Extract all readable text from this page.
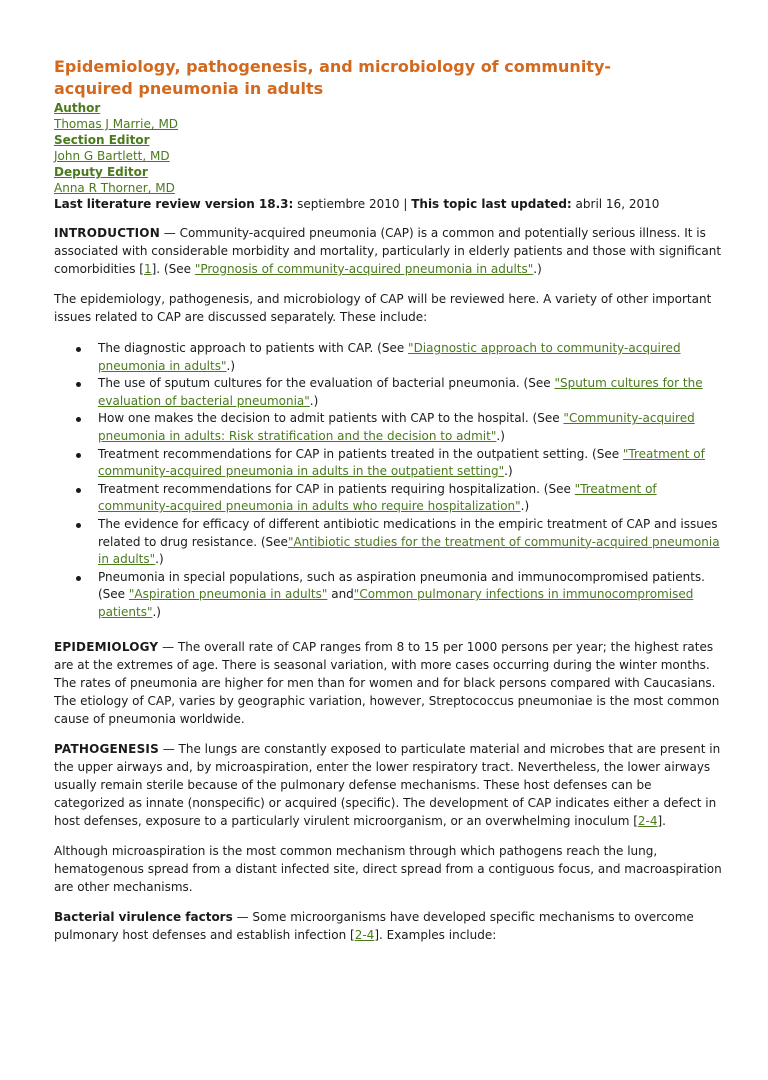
Epidemiology, pathogenesis, and microbiology of community-acquired pneumonia in adults
Author
Thomas J Marrie, MD
Section Editor
John G Bartlett, MD
Deputy Editor
Anna R Thorner, MD
Last literature review version 18.3: septiembre 2010 | This topic last updated: abril 16, 2010

INTRODUCTION — Community-acquired pneumonia (CAP) is a common and potentially serious illness. It is associated with considerable morbidity and mortality, particularly in elderly patients and those with significant comorbidities [1]. (See "Prognosis of community-acquired pneumonia in adults".)

The epidemiology, pathogenesis, and microbiology of CAP will be reviewed here. A variety of other important issues related to CAP are discussed separately. These include:

The diagnostic approach to patients with CAP. (See "Diagnostic approach to community-acquired pneumonia in adults".)
The use of sputum cultures for the evaluation of bacterial pneumonia. (See "Sputum cultures for the evaluation of bacterial pneumonia".)
How one makes the decision to admit patients with CAP to the hospital. (See "Community-acquired pneumonia in adults: Risk stratification and the decision to admit".)
Treatment recommendations for CAP in patients treated in the outpatient setting. (See "Treatment of community-acquired pneumonia in adults in the outpatient setting".)
Treatment recommendations for CAP in patients requiring hospitalization. (See "Treatment of community-acquired pneumonia in adults who require hospitalization".)
The evidence for efficacy of different antibiotic medications in the empiric treatment of CAP and issues related to drug resistance. (See"Antibiotic studies for the treatment of community-acquired pneumonia in adults".)
Pneumonia in special populations, such as aspiration pneumonia and immunocompromised patients. (See "Aspiration pneumonia in adults" and"Common pulmonary infections in immunocompromised patients".)

EPIDEMIOLOGY — The overall rate of CAP ranges from 8 to 15 per 1000 persons per year; the highest rates are at the extremes of age. There is seasonal variation, with more cases occurring during the winter months. The rates of pneumonia are higher for men than for women and for black persons compared with Caucasians. The etiology of CAP, varies by geographic variation, however, Streptococcus pneumoniae is the most common cause of pneumonia worldwide.

PATHOGENESIS — The lungs are constantly exposed to particulate material and microbes that are present in the upper airways and, by microaspiration, enter the lower respiratory tract. Nevertheless, the lower airways usually remain sterile because of the pulmonary defense mechanisms. These host defenses can be categorized as innate (nonspecific) or acquired (specific). The development of CAP indicates either a defect in host defenses, exposure to a particularly virulent microorganism, or an overwhelming inoculum [2-4].

Although microaspiration is the most common mechanism through which pathogens reach the lung, hematogenous spread from a distant infected site, direct spread from a contiguous focus, and macroaspiration are other mechanisms.

Bacterial virulence factors — Some microorganisms have developed specific mechanisms to overcome pulmonary host defenses and establish infection [2-4]. Examples include:
